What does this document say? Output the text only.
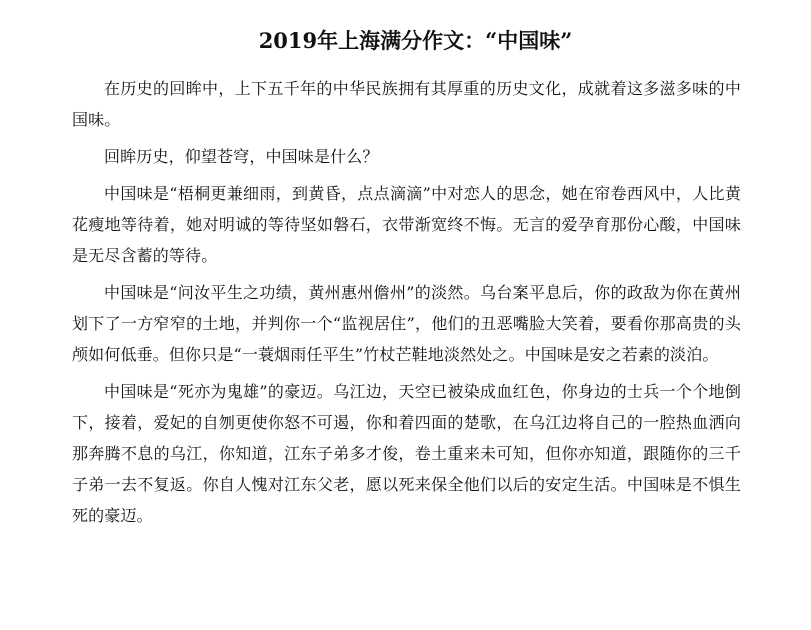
2019年上海满分作文：“中国味”

在历史的回眸中，上下五千年的中华民族拥有其厚重的历史文化，成就着这多滋多味的中国味。

回眸历史，仰望苍穹，中国味是什么？

中国味是“梧桐更兼细雨，到黄昏，点点滴滴”中对恋人的思念，她在帘卷西风中，人比黄花瘦地等待着，她对明诚的等待坚如磐石，衣带渐宽终不悔。无言的爱孕育那份心酸，中国味是无尽含蓄的等待。

中国味是“问汝平生之功绩，黄州惠州儋州”的淡然。乌台案平息后，你的政敌为你在黄州划下了一方窄窄的土地，并判你一个“监视居住”，他们的丑恶嘴脸大笑着，要看你那高贵的头颅如何低垂。但你只是“一蓑烟雨任平生”竹杖芒鞋地淡然处之。中国味是安之若素的淡泊。

中国味是“死亦为鬼雄”的豪迈。乌江边，天空已被染成血红色，你身边的士兵一个个地倒下，接着，爱妃的自刎更使你怒不可遏，你和着四面的楚歌，在乌江边将自己的一腔热血洒向那奔腾不息的乌江，你知道，江东子弟多才俊，卷土重来未可知，但你亦知道，跟随你的三千子弟一去不复返。你自人愧对江东父老，愿以死来保全他们以后的安定生活。中国味是不惧生死的豪迈。
